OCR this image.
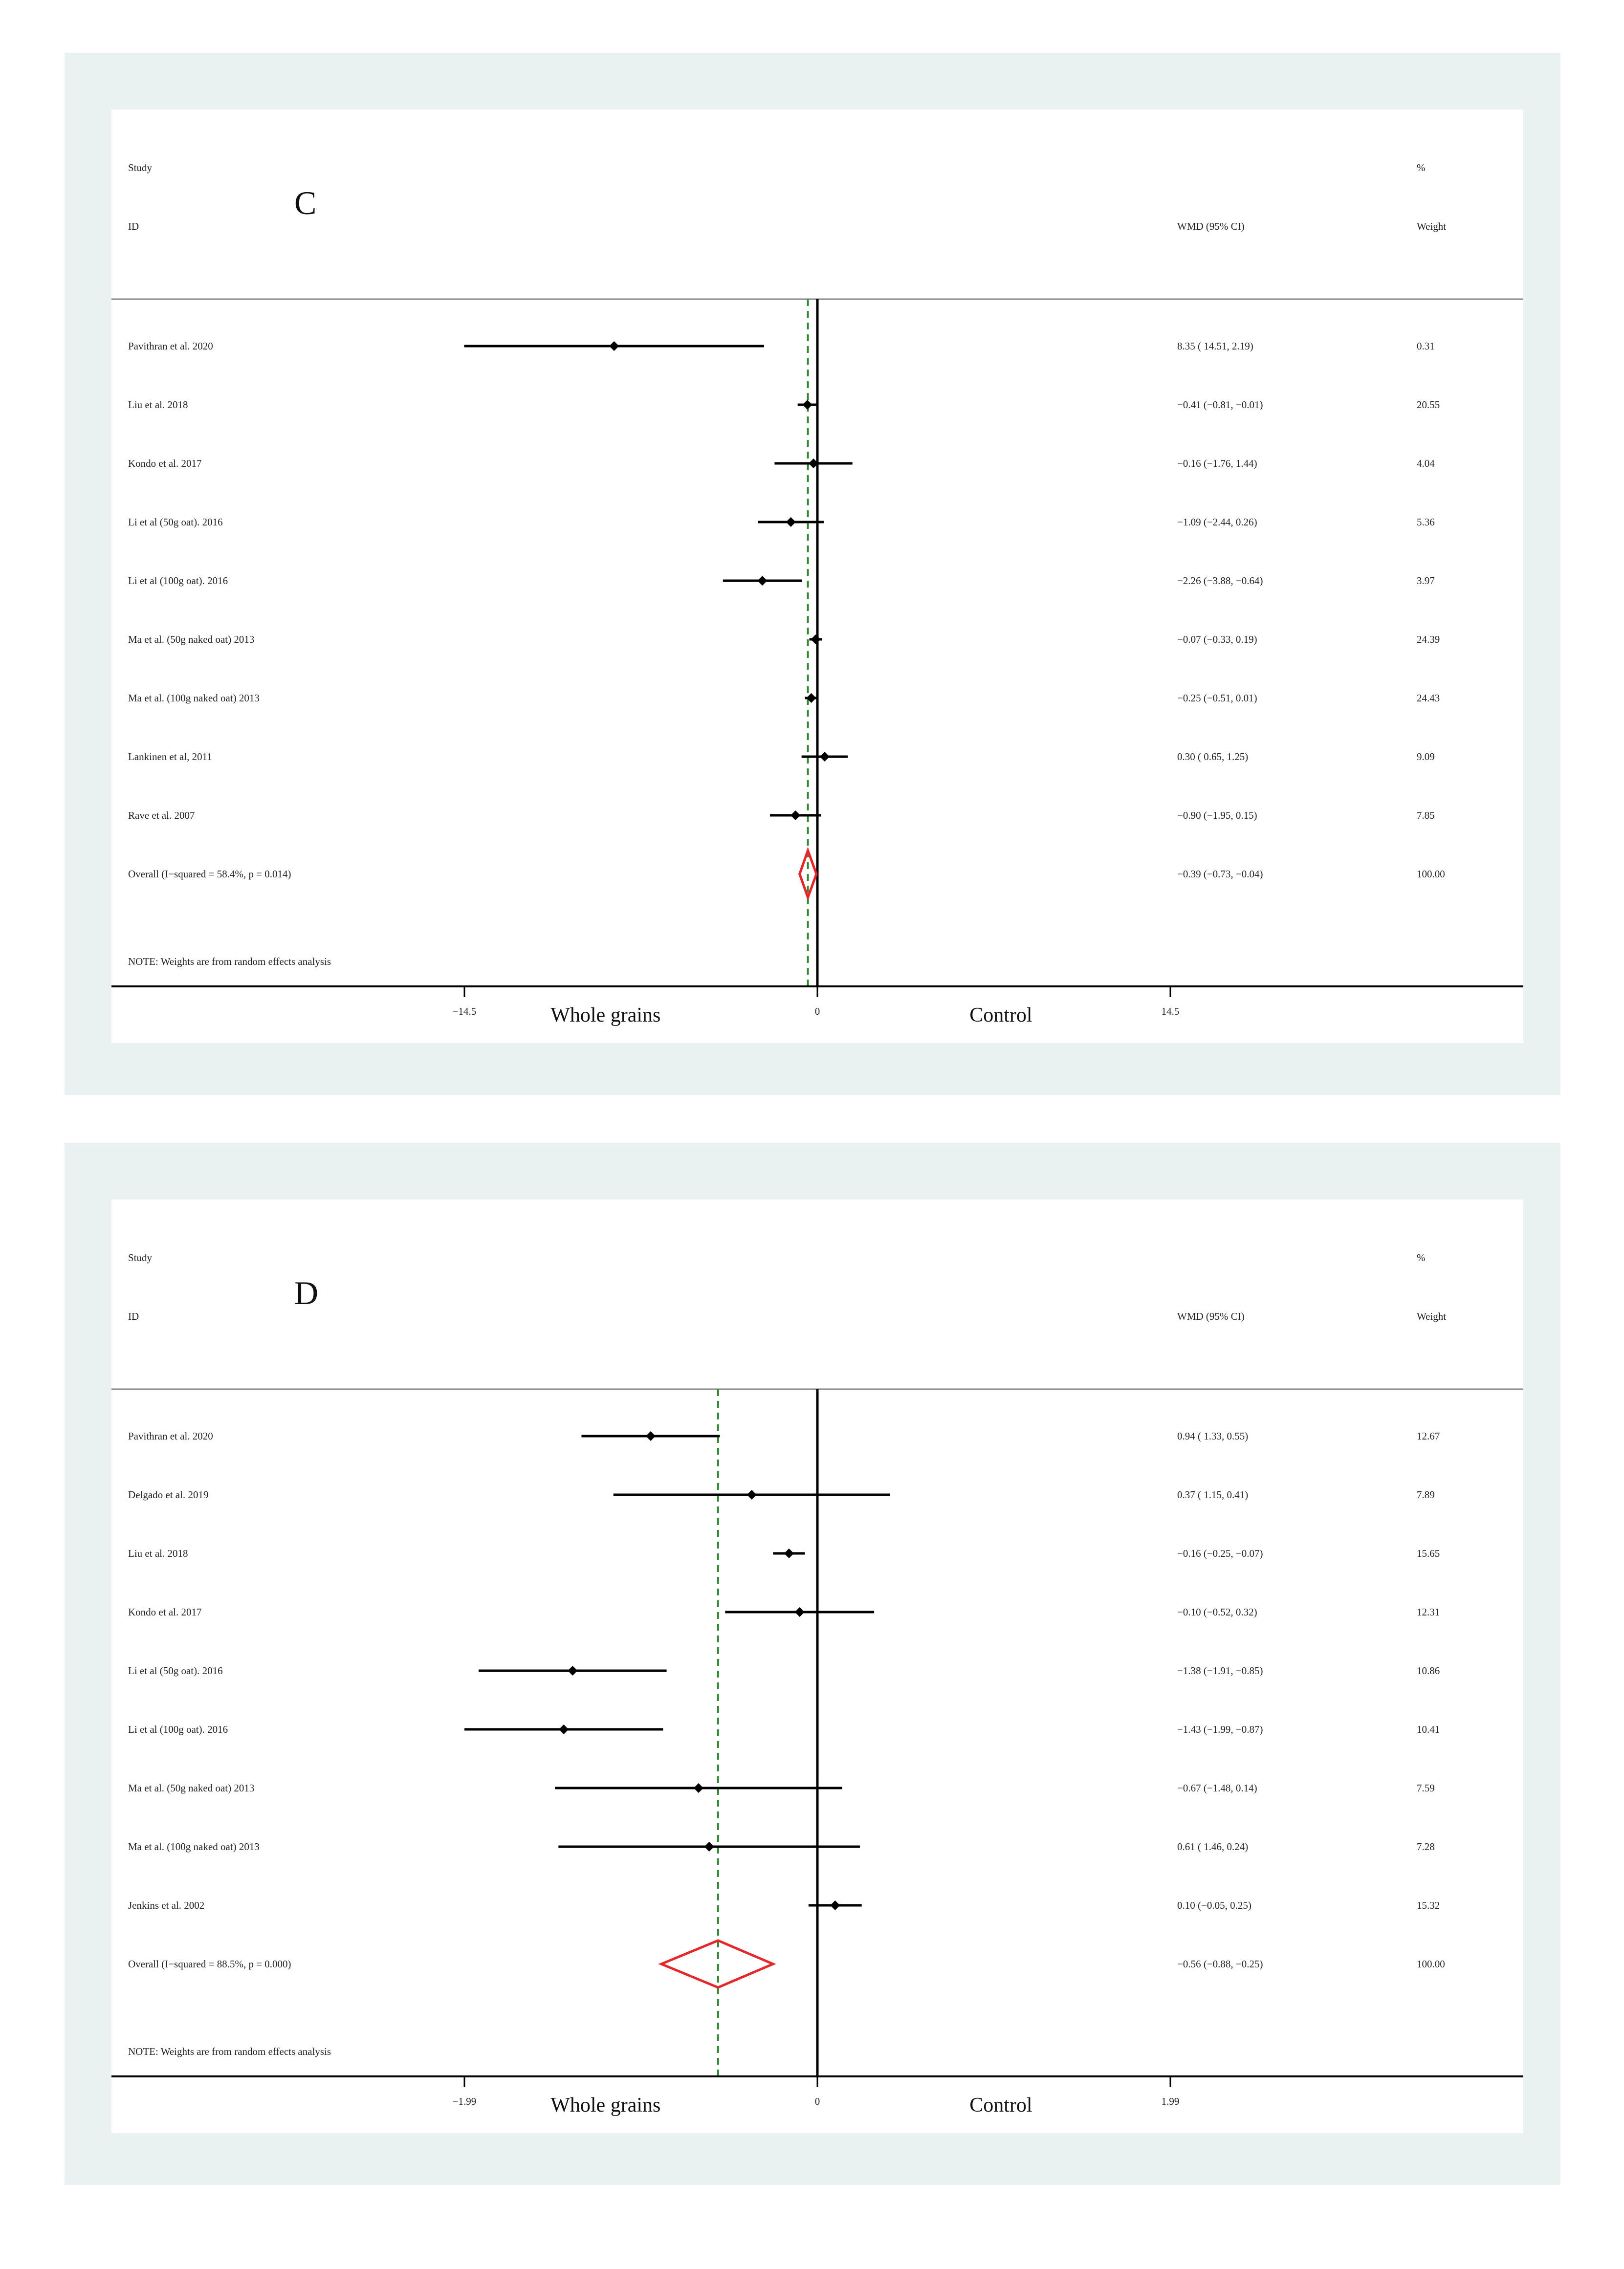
Study
ID	WMD (95% CI)
%
Weight
C
Pavithran et al. 2020	8.35 ( 14.51, 2.19)	0.31
Liu et al. 2018	−0.41 (−0.81, −0.01)	20.55
Kondo et al. 2017	−0.16 (−1.76, 1.44)	4.04
Li et al (50g oat). 2016	−1.09 (−2.44, 0.26)	5.36
Li et al (100g oat). 2016	−2.26 (−3.88, −0.64)	3.97
Ma et al. (50g naked oat) 2013	−0.07 (−0.33, 0.19)	24.39
Ma et al. (100g naked oat) 2013	−0.25 (−0.51, 0.01)	24.43
Lankinen et al, 2011	0.30 ( 0.65, 1.25)	9.09
Rave et al. 2007	−0.90 (−1.95, 0.15)	7.85
Overall (I−squared = 58.4%, p = 0.014)	−0.39 (−0.73, −0.04)	100.00
NOTE: Weights are from random effects analysis
−14.5	0	14.5
Whole grains	Control
Study
ID	WMD (95% CI)
%
Weight
D
Pavithran et al. 2020	0.94 ( 1.33, 0.55)	12.67
Delgado et al. 2019	0.37 ( 1.15, 0.41)	7.89
Liu et al. 2018	−0.16 (−0.25, −0.07)	15.65
Kondo et al. 2017	−0.10 (−0.52, 0.32)	12.31
Li et al (50g oat). 2016	−1.38 (−1.91, −0.85)	10.86
Li et al (100g oat). 2016	−1.43 (−1.99, −0.87)	10.41
Ma et al. (50g naked oat) 2013	−0.67 (−1.48, 0.14)	7.59
Ma et al. (100g naked oat) 2013	0.61 ( 1.46, 0.24)	7.28
Jenkins et al. 2002	0.10 (−0.05, 0.25)	15.32
Overall (I−squared = 88.5%, p = 0.000)	−0.56 (−0.88, −0.25)	100.00
NOTE: Weights are from random effects analysis
−1.99	0	1.99
Whole grains	Control
